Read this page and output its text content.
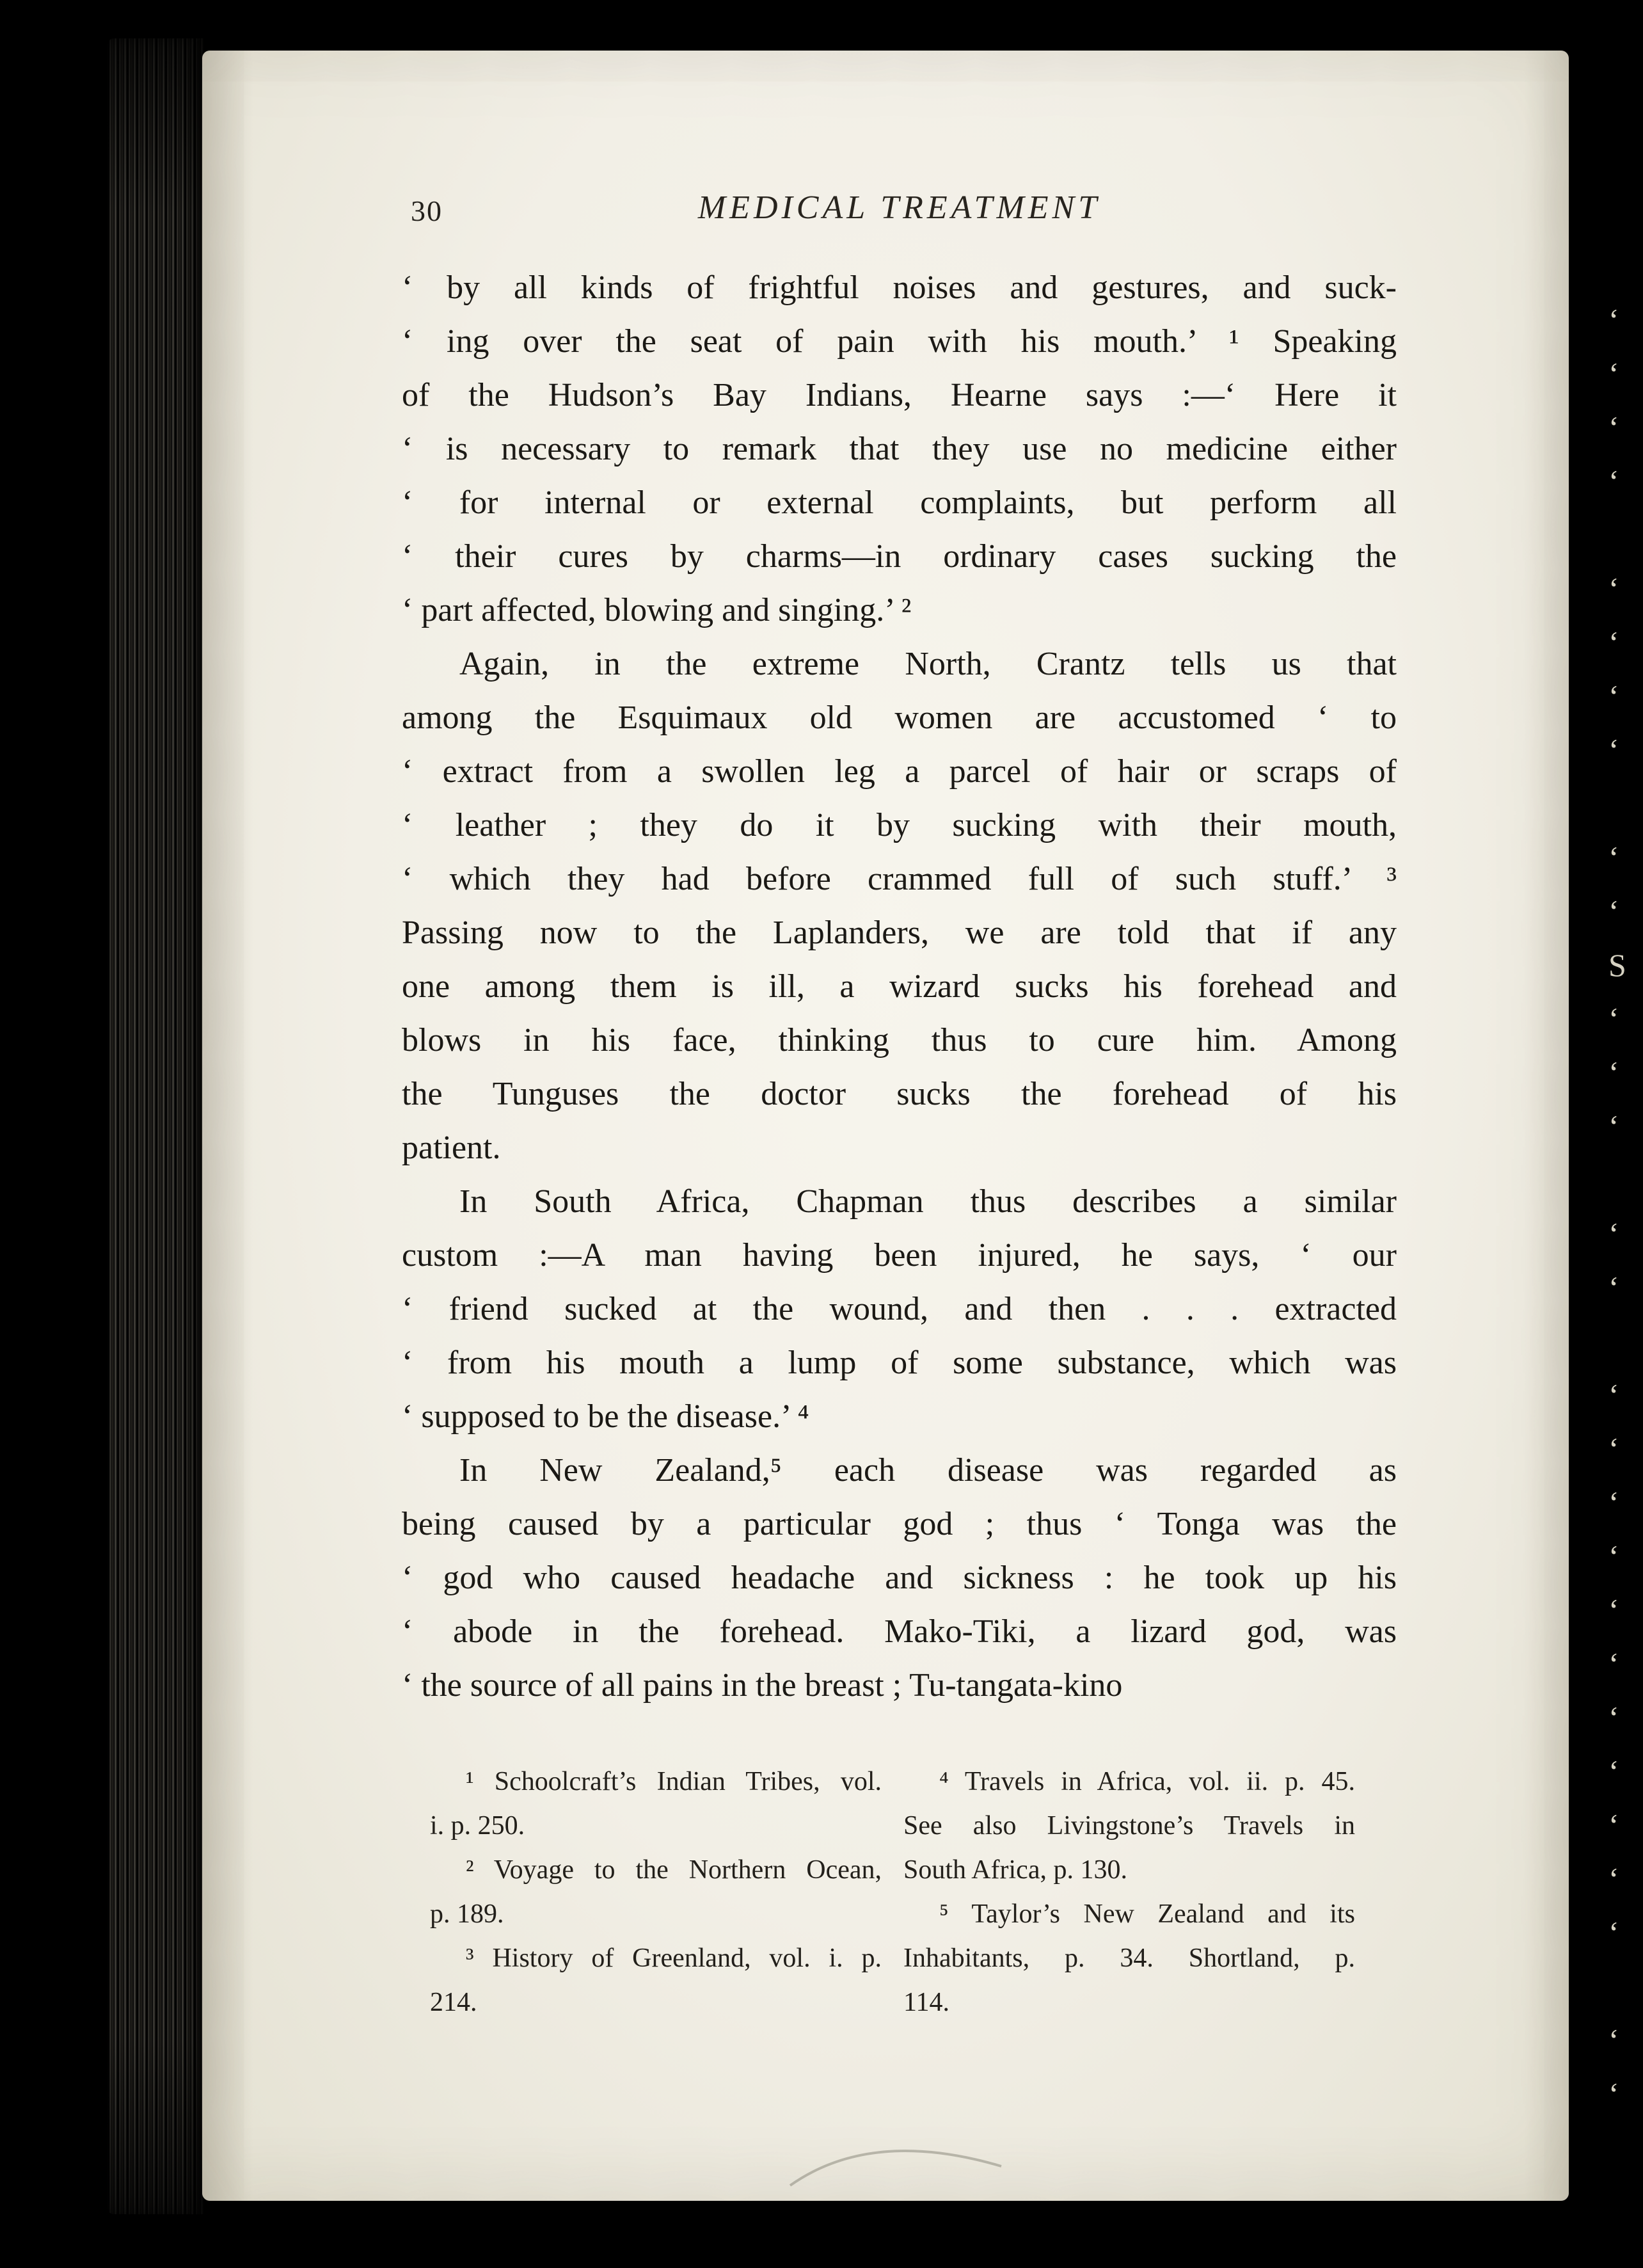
30	MEDICAL TREATMENT
‘ by all kinds of frightful noises and gestures, and suck-
‘ ing over the seat of pain with his mouth.’ ¹ Speaking
of the Hudson’s Bay Indians, Hearne says :—‘ Here it
‘ is necessary to remark that they use no medicine either
‘ for internal or external complaints, but perform all
‘ their cures by charms—in ordinary cases sucking the
‘ part affected, blowing and singing.’ ²
Again, in the extreme North, Crantz tells us that
among the Esquimaux old women are accustomed ‘ to
‘ extract from a swollen leg a parcel of hair or scraps of
‘ leather ; they do it by sucking with their mouth,
‘ which they had before crammed full of such stuff.’ ³
Passing now to the Laplanders, we are told that if any
one among them is ill, a wizard sucks his forehead and
blows in his face, thinking thus to cure him. Among
the Tunguses the doctor sucks the forehead of his
patient.
In South Africa, Chapman thus describes a similar
custom :—A man having been injured, he says, ‘ our
‘ friend sucked at the wound, and then . . . extracted
‘ from his mouth a lump of some substance, which was
‘ supposed to be the disease.’ ⁴
In New Zealand,⁵ each disease was regarded as
being caused by a particular god ; thus ‘ Tonga was the
‘ god who caused headache and sickness : he took up his
‘ abode in the forehead. Mako-Tiki, a lizard god, was
‘ the source of all pains in the breast ; Tu-tangata-kino
¹ Schoolcraft’s Indian Tribes, vol.
i. p. 250.
² Voyage to the Northern Ocean,
p. 189.
³ History of Greenland, vol. i. p.
214.
⁴ Travels in Africa, vol. ii. p. 45.
See also Livingstone’s Travels in
South Africa, p. 130.
⁵ Taylor’s New Zealand and its
Inhabitants, p. 34. Shortland, p.
114.
‘
‘
‘
‘
‘
‘
‘
‘
‘
‘
S
‘
‘
‘
‘
‘
‘
‘
‘
‘
‘
‘
‘
‘
‘
‘
‘
‘
‘
